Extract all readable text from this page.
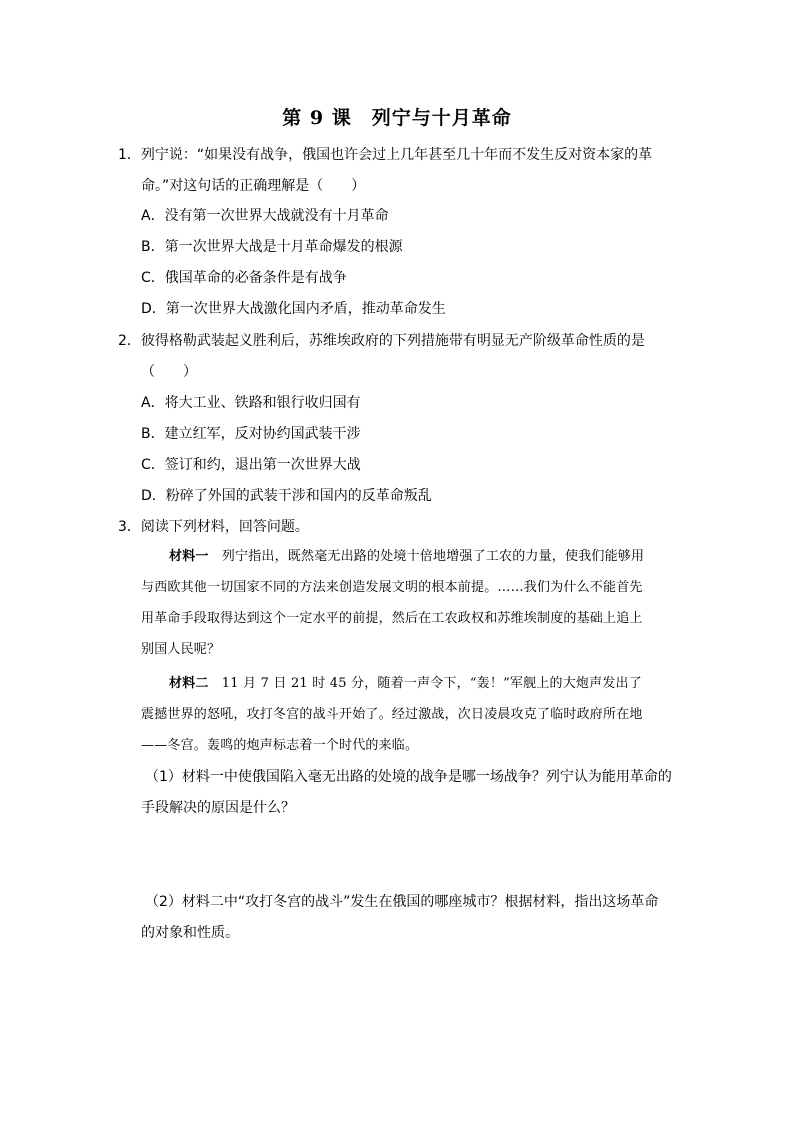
第 9 课　列宁与十月革命
1．列宁说：“如果没有战争，俄国也许会过上几年甚至几十年而不发生反对资本家的革
命。”对这句话的正确理解是（　　）
A．没有第一次世界大战就没有十月革命
B．第一次世界大战是十月革命爆发的根源
C．俄国革命的必备条件是有战争
D．第一次世界大战激化国内矛盾，推动革命发生
2．彼得格勒武装起义胜利后，苏维埃政府的下列措施带有明显无产阶级革命性质的是
（　　）
A．将大工业、铁路和银行收归国有
B．建立红军，反对协约国武装干涉
C．签订和约，退出第一次世界大战
D．粉碎了外国的武装干涉和国内的反革命叛乱
3．阅读下列材料，回答问题。
材料一　列宁指出，既然毫无出路的处境十倍地增强了工农的力量，使我们能够用
与西欧其他一切国家不同的方法来创造发展文明的根本前提。……我们为什么不能首先
用革命手段取得达到这个一定水平的前提，然后在工农政权和苏维埃制度的基础上追上
别国人民呢？
材料二　11 月 7 日 21 时 45 分，随着一声令下，“轰！”军舰上的大炮声发出了
震撼世界的怒吼，攻打冬宫的战斗开始了。经过激战，次日凌晨攻克了临时政府所在地
——冬宫。轰鸣的炮声标志着一个时代的来临。
（1）材料一中使俄国陷入毫无出路的处境的战争是哪一场战争？列宁认为能用革命的
手段解决的原因是什么？
（2）材料二中“攻打冬宫的战斗”发生在俄国的哪座城市？根据材料，指出这场革命
的对象和性质。
